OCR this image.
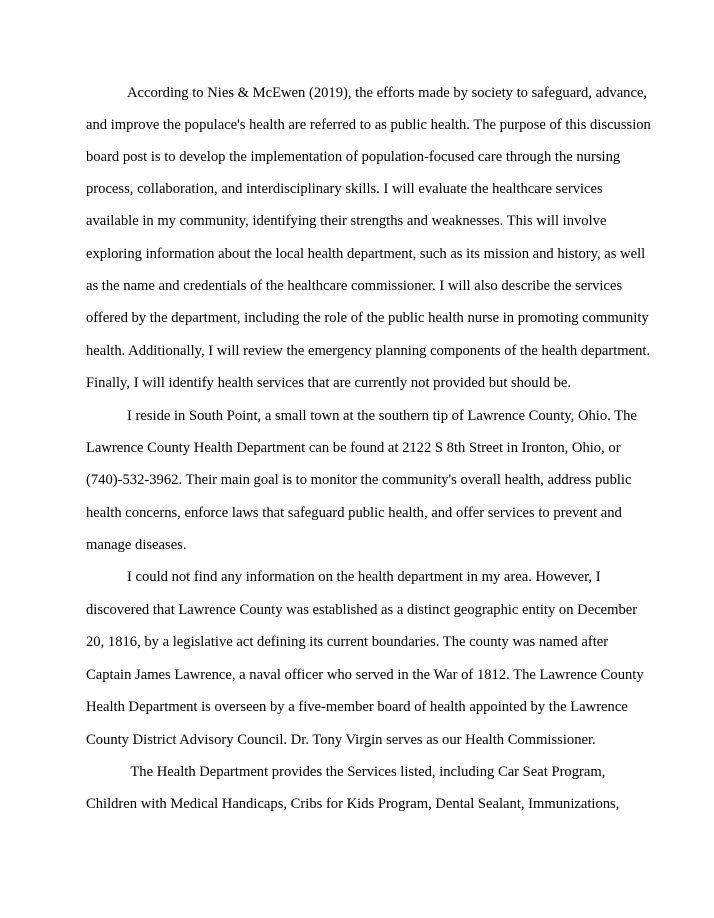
According to Nies & McEwen (2019), the efforts made by society to safeguard, advance,

and improve the populace's health are referred to as public health. The purpose of this discussion

board post is to develop the implementation of population-focused care through the nursing

process, collaboration, and interdisciplinary skills. I will evaluate the healthcare services

available in my community, identifying their strengths and weaknesses. This will involve

exploring information about the local health department, such as its mission and history, as well

as the name and credentials of the healthcare commissioner. I will also describe the services

offered by the department, including the role of the public health nurse in promoting community

health. Additionally, I will review the emergency planning components of the health department.

Finally, I will identify health services that are currently not provided but should be.

I reside in South Point, a small town at the southern tip of Lawrence County, Ohio. The

Lawrence County Health Department can be found at 2122 S 8th Street in Ironton, Ohio, or

(740)-532-3962. Their main goal is to monitor the community's overall health, address public

health concerns, enforce laws that safeguard public health, and offer services to prevent and

manage diseases.

I could not find any information on the health department in my area. However, I

discovered that Lawrence County was established as a distinct geographic entity on December

20, 1816, by a legislative act defining its current boundaries. The county was named after

Captain James Lawrence, a naval officer who served in the War of 1812. The Lawrence County

Health Department is overseen by a five-member board of health appointed by the Lawrence

County District Advisory Council. Dr. Tony Virgin serves as our Health Commissioner.

The Health Department provides the Services listed, including Car Seat Program,

Children with Medical Handicaps, Cribs for Kids Program, Dental Sealant, Immunizations,
